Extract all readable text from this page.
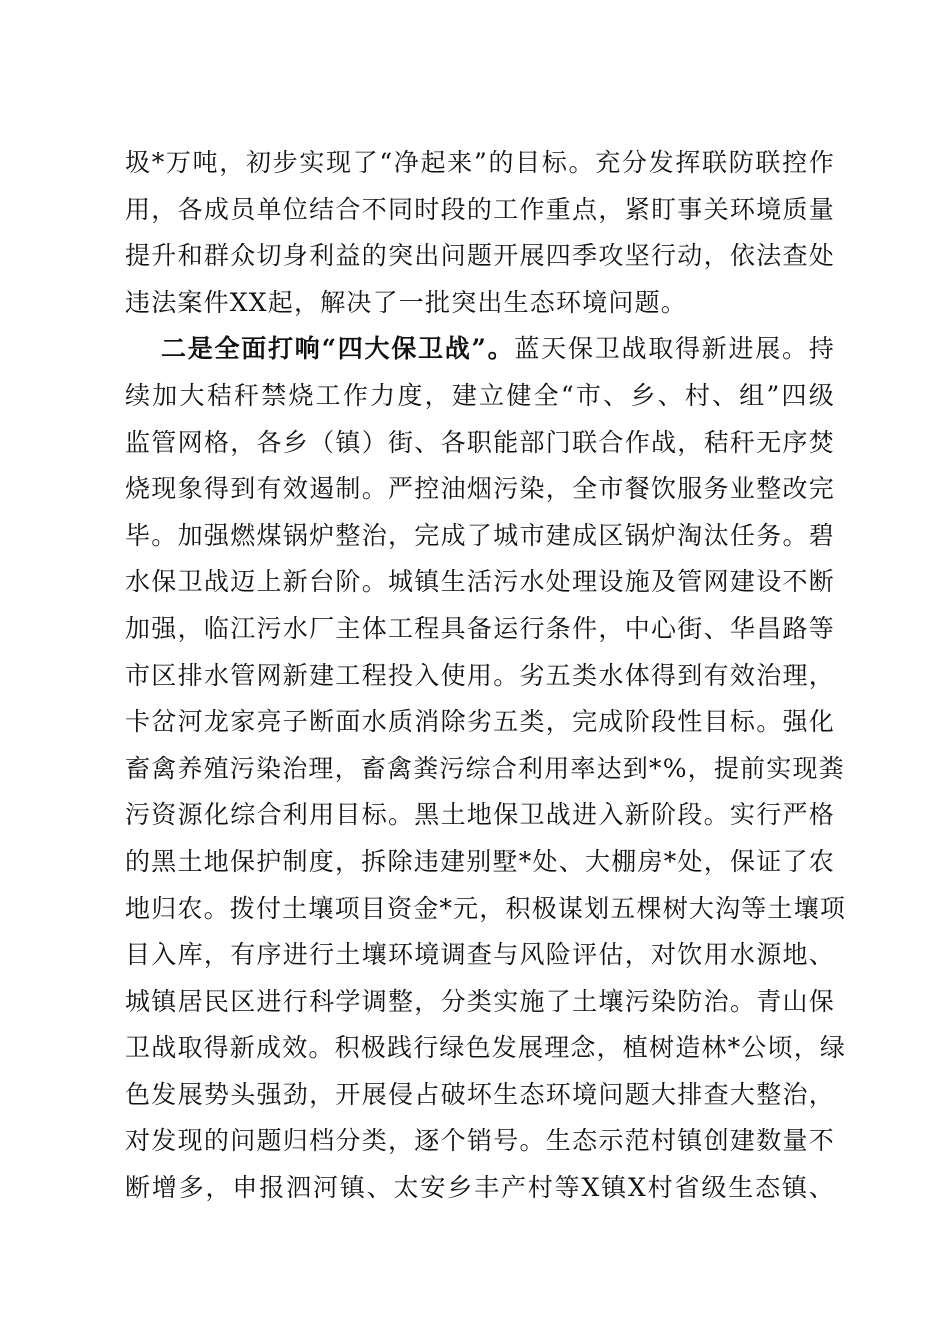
圾*万吨，初步实现了“净起来”的目标。充分发挥联防联控作
用，各成员单位结合不同时段的工作重点，紧盯事关环境质量
提升和群众切身利益的突出问题开展四季攻坚行动，依法查处
违法案件XX起，解决了一批突出生态环境问题。
二是全面打响“四大保卫战”。蓝天保卫战取得新进展。持
续加大秸秆禁烧工作力度，建立健全“市、乡、村、组”四级
监管网格，各乡（镇）街、各职能部门联合作战，秸秆无序焚
烧现象得到有效遏制。严控油烟污染，全市餐饮服务业整改完
毕。加强燃煤锅炉整治，完成了城市建成区锅炉淘汰任务。碧
水保卫战迈上新台阶。城镇生活污水处理设施及管网建设不断
加强，临江污水厂主体工程具备运行条件，中心街、华昌路等
市区排水管网新建工程投入使用。劣五类水体得到有效治理，
卡岔河龙家亮子断面水质消除劣五类，完成阶段性目标。强化
畜禽养殖污染治理，畜禽粪污综合利用率达到*%，提前实现粪
污资源化综合利用目标。黑土地保卫战进入新阶段。实行严格
的黑土地保护制度，拆除违建别墅*处、大棚房*处，保证了农
地归农。拨付土壤项目资金*元，积极谋划五棵树大沟等土壤项
目入库，有序进行土壤环境调查与风险评估，对饮用水源地、
城镇居民区进行科学调整，分类实施了土壤污染防治。青山保
卫战取得新成效。积极践行绿色发展理念，植树造林*公顷，绿
色发展势头强劲，开展侵占破坏生态环境问题大排查大整治，
对发现的问题归档分类，逐个销号。生态示范村镇创建数量不
断增多，申报泗河镇、太安乡丰产村等X镇X村省级生态镇、
